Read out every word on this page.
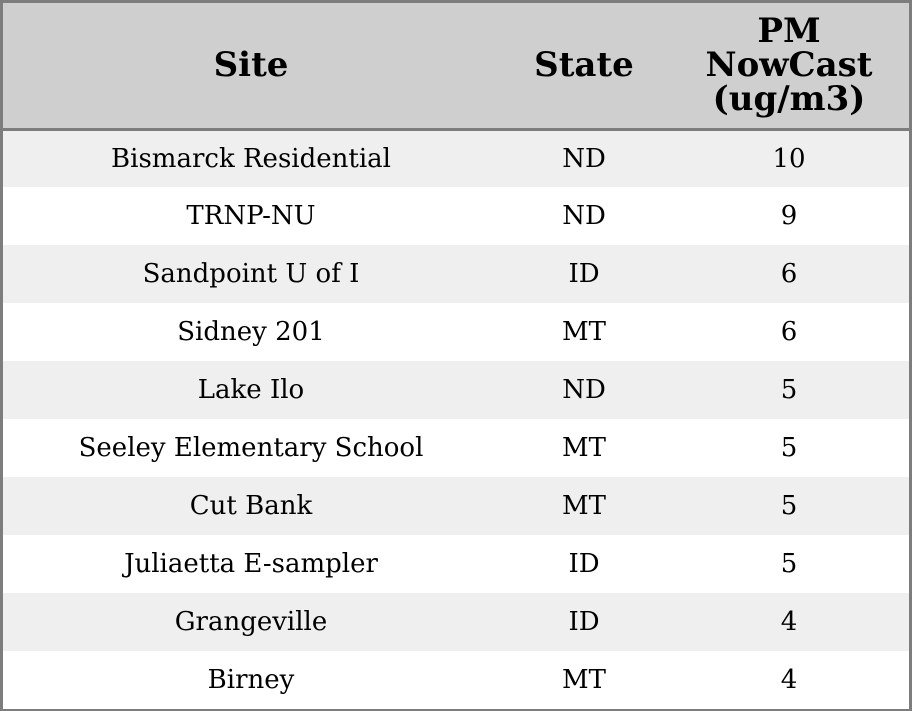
Site	State	PM
NowCast
(ug/m3)

Bismarck Residential	ND	10
TRNP-NU	ND	9
Sandpoint U of I	ID	6
Sidney 201	MT	6
Lake Ilo	ND	5
Seeley Elementary School	MT	5
Cut Bank	MT	5
Juliaetta E-sampler	ID	5
Grangeville	ID	4
Birney	MT	4
